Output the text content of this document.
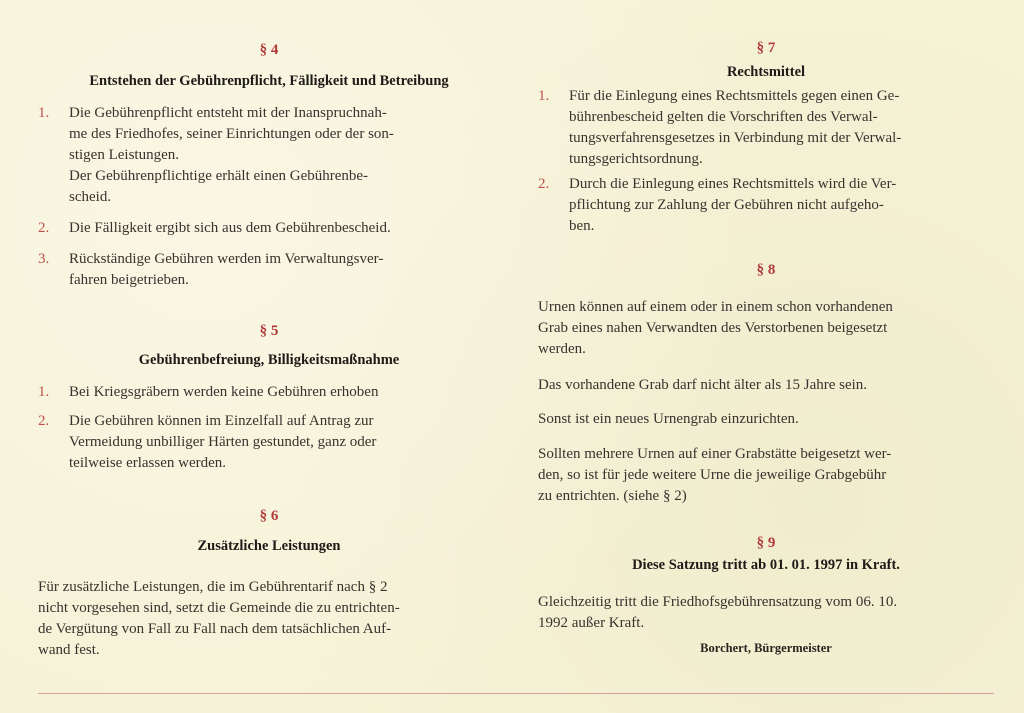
§ 4
Entstehen der Gebührenpflicht, Fälligkeit und Betreibung
1.	Die Gebührenpflicht entsteht mit der Inanspruchnah-
me des Friedhofes, seiner Einrichtungen oder der son-
stigen Leistungen.
Der Gebührenpflichtige erhält einen Gebührenbe-
scheid.
2.	Die Fälligkeit ergibt sich aus dem Gebührenbescheid.
3.	Rückständige Gebühren werden im Verwaltungsver-
fahren beigetrieben.
§ 5
Gebührenbefreiung, Billigkeitsmaßnahme
1.	Bei Kriegsgräbern werden keine Gebühren erhoben
2.	Die Gebühren können im Einzelfall auf Antrag zur
Vermeidung unbilliger Härten gestundet, ganz oder
teilweise erlassen werden.
§ 6
Zusätzliche Leistungen
Für zusätzliche Leistungen, die im Gebührentarif nach § 2
nicht vorgesehen sind, setzt die Gemeinde die zu entrichten-
de Vergütung von Fall zu Fall nach dem tatsächlichen Auf-
wand fest.
§ 7
Rechtsmittel
1.	Für die Einlegung eines Rechtsmittels gegen einen Ge-
bührenbescheid gelten die Vorschriften des Verwal-
tungsverfahrensgesetzes in Verbindung mit der Verwal-
tungsgerichtsordnung.
2.	Durch die Einlegung eines Rechtsmittels wird die Ver-
pflichtung zur Zahlung der Gebühren nicht aufgeho-
ben.
§ 8
Urnen können auf einem oder in einem schon vorhandenen
Grab eines nahen Verwandten des Verstorbenen beigesetzt
werden.
Das vorhandene Grab darf nicht älter als 15 Jahre sein.
Sonst ist ein neues Urnengrab einzurichten.
Sollten mehrere Urnen auf einer Grabstätte beigesetzt wer-
den, so ist für jede weitere Urne die jeweilige Grabgebühr
zu entrichten. (siehe § 2)
§ 9
Diese Satzung tritt ab 01. 01. 1997 in Kraft.
Gleichzeitig tritt die Friedhofsgebührensatzung vom 06. 10.
1992 außer Kraft.
Borchert, Bürgermeister
